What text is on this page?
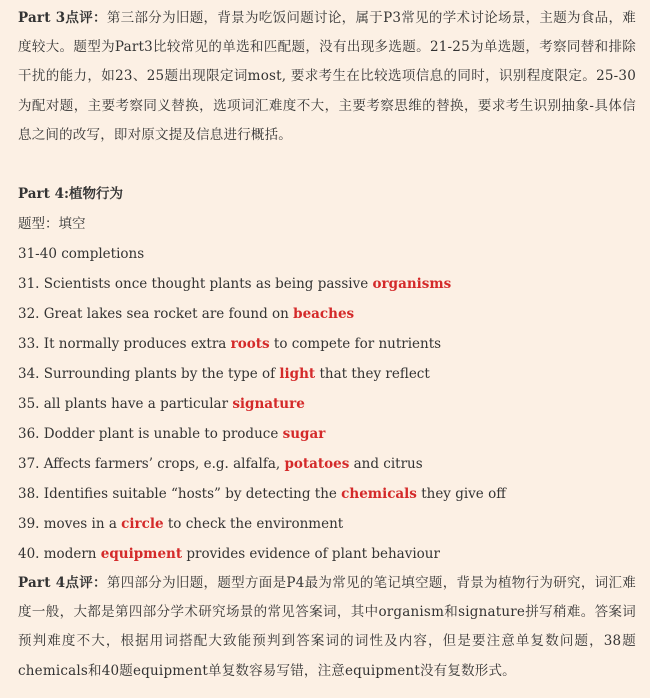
Part 3点评：第三部分为旧题，背景为吃饭问题讨论，属于P3常见的学术讨论场景，主题为食品，难度较大。题型为Part3比较常见的单选和匹配题，没有出现多选题。21-25为单选题，考察同替和排除干扰的能力，如23、25题出现限定词most, 要求考生在比较选项信息的同时，识别程度限定。25-30为配对题，主要考察同义替换，选项词汇难度不大，主要考察思维的替换，要求考生识别抽象-具体信息之间的改写，即对原文提及信息进行概括。

Part 4:植物行为

题型：填空

31-40 completions

31. Scientists once thought plants as being passive organisms

32. Great lakes sea rocket are found on beaches

33. It normally produces extra roots to compete for nutrients

34. Surrounding plants by the type of light that they reflect

35. all plants have a particular signature

36. Dodder plant is unable to produce sugar

37. Affects farmers’ crops, e.g. alfalfa, potatoes and citrus

38. Identifies suitable “hosts” by detecting the chemicals they give off

39. moves in a circle to check the environment

40. modern equipment provides evidence of plant behaviour

Part 4点评：第四部分为旧题，题型方面是P4最为常见的笔记填空题，背景为植物行为研究，词汇难度一般，大都是第四部分学术研究场景的常见答案词，其中organism和signature拼写稍难。答案词预判难度不大，根据用词搭配大致能预判到答案词的词性及内容，但是要注意单复数问题，38题chemicals和40题equipment单复数容易写错，注意equipment没有复数形式。
